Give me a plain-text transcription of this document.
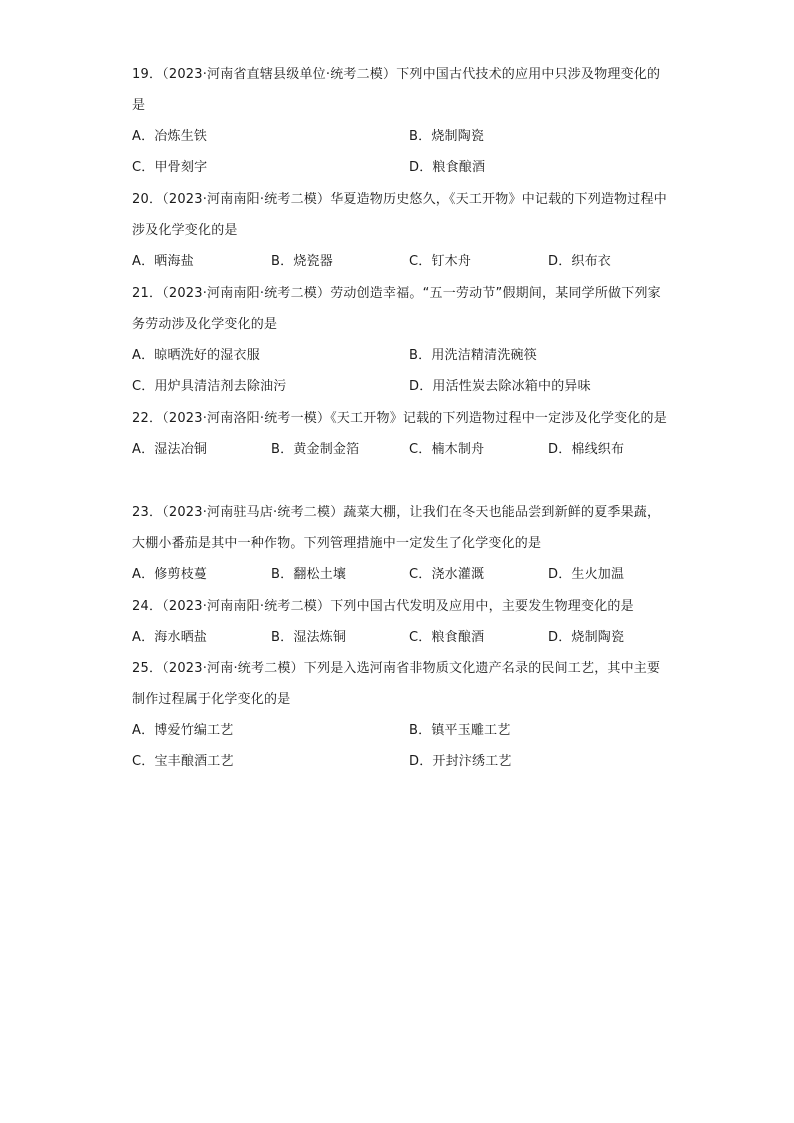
19．（2023·河南省直辖县级单位·统考二模）下列中国古代技术的应用中只涉及物理变化的是
A．冶炼生铁	B．烧制陶瓷
C．甲骨刻字	D．粮食酿酒
20．（2023·河南南阳·统考二模）华夏造物历史悠久，《天工开物》中记载的下列造物过程中涉及化学变化的是
A．晒海盐	B．烧瓷器	C．钉木舟	D．织布衣
21．（2023·河南南阳·统考二模）劳动创造幸福。“五一劳动节”假期间，某同学所做下列家务劳动涉及化学变化的是
A．晾晒洗好的湿衣服	B．用洗洁精清洗碗筷
C．用炉具清洁剂去除油污	D．用活性炭去除冰箱中的异味
22．（2023·河南洛阳·统考一模）《天工开物》记载的下列造物过程中一定涉及化学变化的是
A．湿法冶铜	B．黄金制金箔	C．楠木制舟	D．棉线织布
23．（2023·河南驻马店·统考二模）蔬菜大棚，让我们在冬天也能品尝到新鲜的夏季果蔬，大棚小番茄是其中一种作物。下列管理措施中一定发生了化学变化的是
A．修剪枝蔓	B．翻松土壤	C．浇水灌溉	D．生火加温
24．（2023·河南南阳·统考二模）下列中国古代发明及应用中，主要发生物理变化的是
A．海水晒盐	B．湿法炼铜	C．粮食酿酒	D．烧制陶瓷
25．（2023·河南·统考二模）下列是入选河南省非物质文化遗产名录的民间工艺，其中主要制作过程属于化学变化的是
A．博爱竹编工艺	B．镇平玉雕工艺
C．宝丰酿酒工艺	D．开封汴绣工艺
